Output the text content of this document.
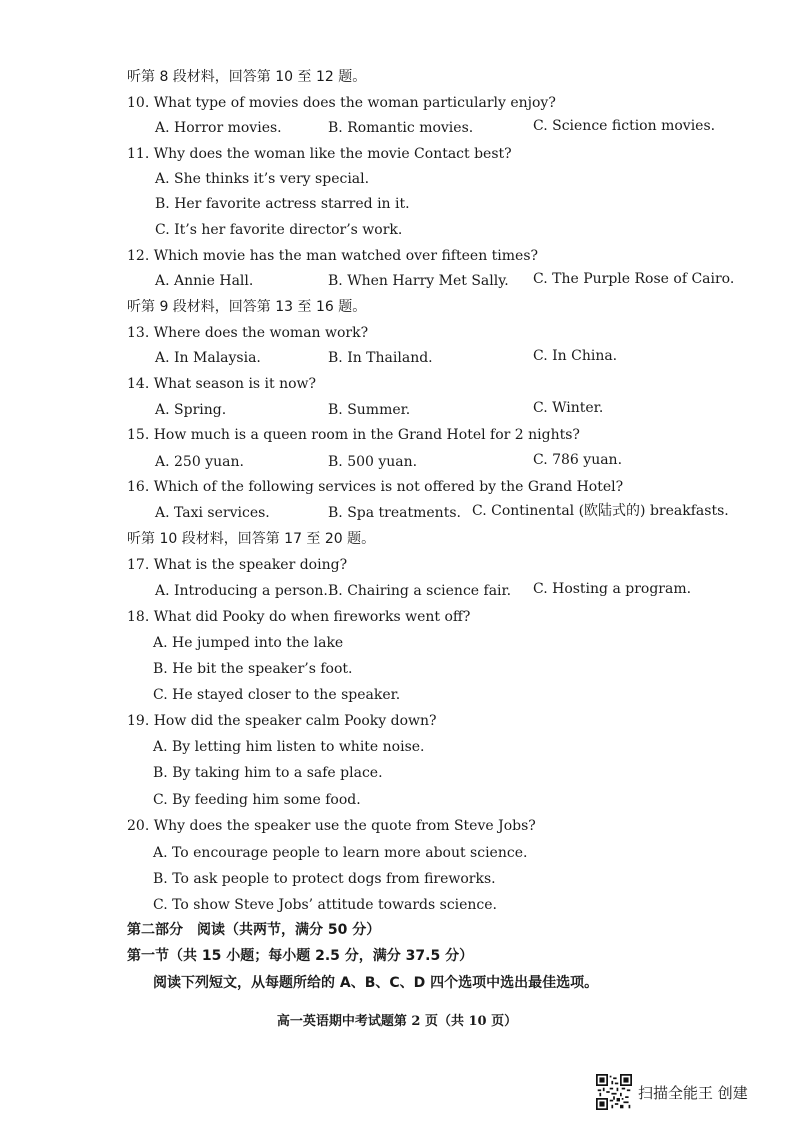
听第 8 段材料，回答第 10 至 12 题。
10. What type of movies does the woman particularly enjoy?
A. Horror movies.	B. Romantic movies.	C. Science fiction movies.
11. Why does the woman like the movie Contact best?
A. She thinks it’s very special.
B. Her favorite actress starred in it.
C. It’s her favorite director’s work.
12. Which movie has the man watched over fifteen times?
A. Annie Hall.	B. When Harry Met Sally. C. The Purple Rose of Cairo.
听第 9 段材料，回答第 13 至 16 题。
13. Where does the woman work?
A. In Malaysia.	B. In Thailand.	C. In China.
14. What season is it now?
A. Spring.	B. Summer.	C. Winter.
15. How much is a queen room in the Grand Hotel for 2 nights?
A. 250 yuan.	B. 500 yuan.	C. 786 yuan.
16. Which of the following services is not offered by the Grand Hotel?
A. Taxi services.	B. Spa treatments. C. Continental (欧陆式的) breakfasts.
听第 10 段材料，回答第 17 至 20 题。
17. What is the speaker doing?
A. Introducing a person. B. Chairing a science fair. C. Hosting a program.
18. What did Pooky do when fireworks went off?
A. He jumped into the lake
B. He bit the speaker’s foot.
C. He stayed closer to the speaker.
19. How did the speaker calm Pooky down?
A. By letting him listen to white noise.
B. By taking him to a safe place.
C. By feeding him some food.
20. Why does the speaker use the quote from Steve Jobs?
A. To encourage people to learn more about science.
B. To ask people to protect dogs from fireworks.
C. To show Steve Jobs’ attitude towards science.
第二部分　阅读（共两节，满分 50 分）
第一节（共 15 小题；每小题 2.5 分，满分 37.5 分）
阅读下列短文，从每题所给的 A、B、C、D 四个选项中选出最佳选项。
高一英语期中考试题第 2 页（共 10 页）
扫描全能王 创建
